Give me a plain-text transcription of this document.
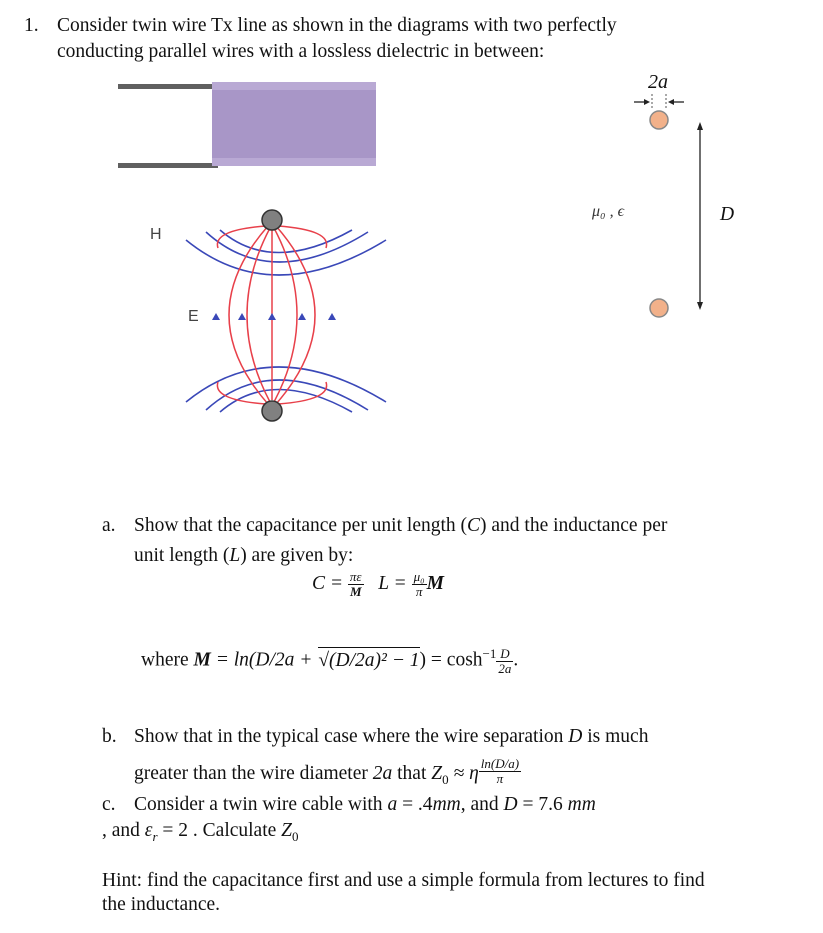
1. Consider twin wire Tx line as shown in the diagrams with two perfectly
conducting parallel wires with a lossless dielectric in between:
H
E
2a
μ₀ , ϵ	D
a. Show that the capacitance per unit length (C) and the inductance per
unit length (L) are given by:
$C = \frac{\pi\varepsilon}{M}$ $L = \frac{\text{μ₀}}{\pi}$ M
where $M = \ln(D/2a + √(D/2a)^2 - 1) = \cosh^{-1} \frac{D}{2a}$ .
b. Show that in the typical case where the wire separation D is much
greater than the wire diameter 2a that $Z_0 \approx \eta \frac{\ln(D/a)}{\pi}$
c. Consider a twin wire cable with a = .4mm, and D = 7.6 mm
, and $\varepsilon_r = 2$ . Calculate $Z_0$
Hint: find the capacitance first and use a simple formula from lectures to find
the inductance.
